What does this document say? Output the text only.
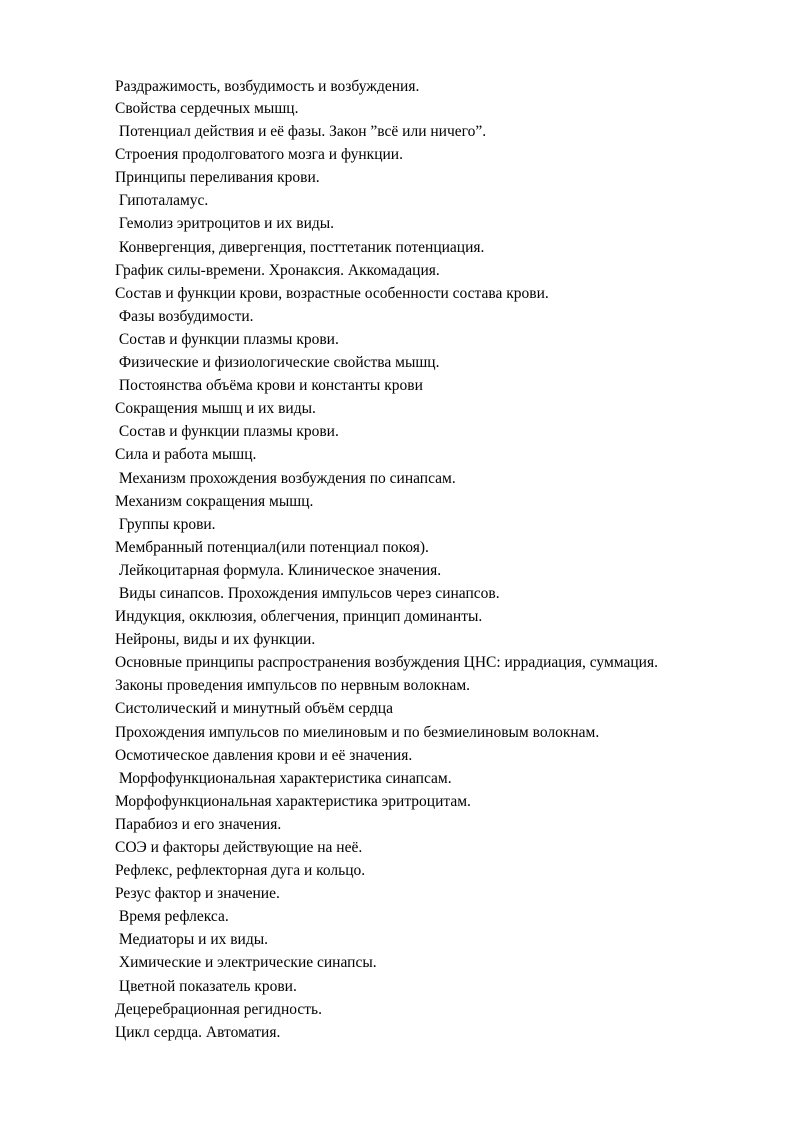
Раздражимость, возбудимость и возбуждения.
Свойства сердечных мышц.
Потенциал действия и её фазы. Закон ”всё или ничего”.
Строения продолговатого мозга и функции.
Принципы переливания крови.
Гипоталамус.
Гемолиз эритроцитов и их виды.
Конвергенция, дивергенция, посттетаник потенциация.
График силы-времени. Хронаксия. Аккомадация.
Состав и функции крови, возрастные особенности состава крови.
Фазы возбудимости.
Состав и функции плазмы крови.
Физические и физиологические свойства мышц.
Постоянства объёма крови и константы крови
Сокращения мышц и их виды.
Состав и функции плазмы крови.
Сила и работа мышц.
Механизм прохождения возбуждения по синапсам.
Механизм сокращения мышц.
Группы крови.
Мембранный потенциал(или потенциал покоя).
Лейкоцитарная формула. Клиническое значения.
Виды синапсов. Прохождения импульсов через синапсов.
Индукция, окклюзия, облегчения, принцип доминанты.
Нейроны, виды и их функции.
Основные принципы распространения возбуждения ЦНС: иррадиация, суммация.
Законы проведения импульсов по нервным волокнам.
Систолический и минутный объём сердца
Прохождения импульсов по миелиновым и по безмиелиновым волокнам.
Осмотическое давления крови и её значения.
Морфофункциональная характеристика синапсам.
Морфофункциональная характеристика эритроцитам.
Парабиоз и его значения.
СОЭ и факторы действующие на неё.
Рефлекс, рефлекторная дуга и кольцо.
Резус фактор и значение.
Время рефлекса.
Медиаторы и их виды.
Химические и электрические синапсы.
Цветной показатель крови.
Децеребрационная регидность.
Цикл сердца. Автоматия.
